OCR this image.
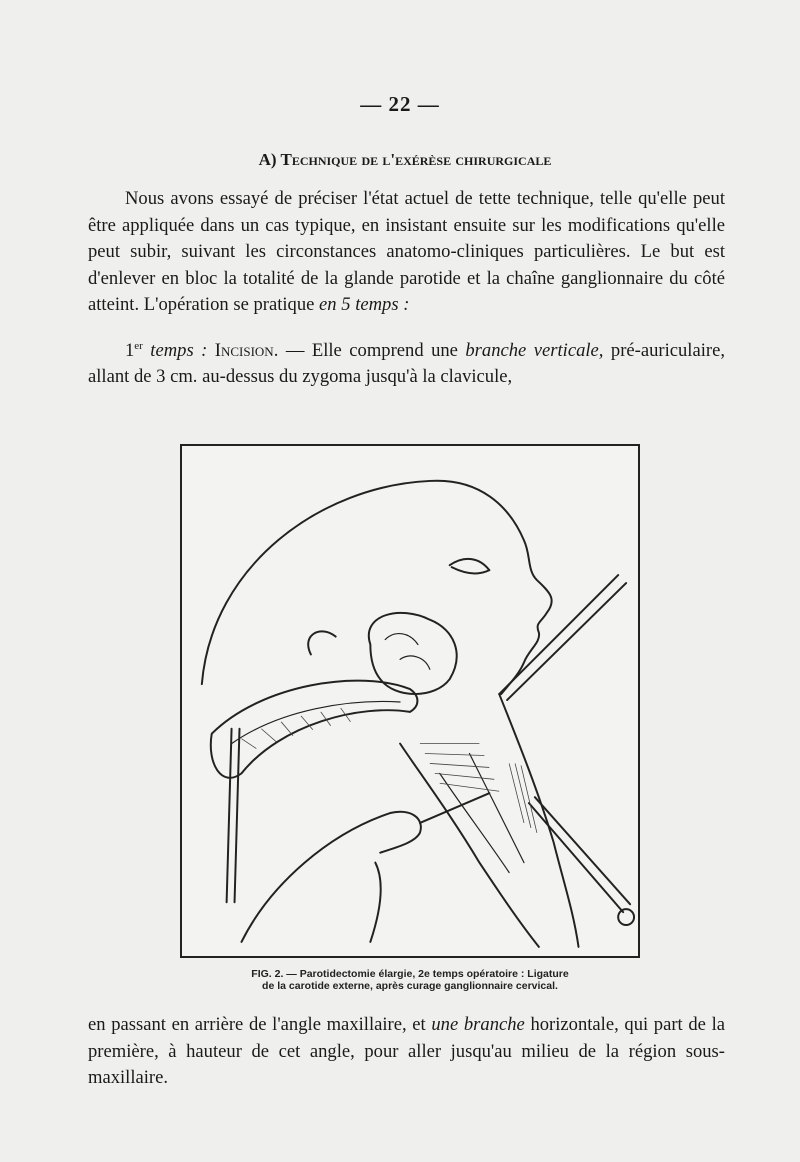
— 22 —
A) Technique de l'exérèse chirurgicale

Nous avons essayé de préciser l'état actuel de tette technique, telle qu'elle peut être appliquée dans un cas typique, en insistant ensuite sur les modifications qu'elle peut subir, suivant les circonstances anatomo-cliniques particulières. Le but est d'enlever en bloc la totalité de la glande parotide et la chaîne ganglionnaire du côté atteint. L'opération se pratique en 5 temps :

1er temps : Incision. — Elle comprend une branche verticale, pré-auriculaire, allant de 3 cm. au-dessus du zygoma jusqu'à la clavicule,

FIG. 2. — Parotidectomie élargie, 2e temps opératoire : Ligature
de la carotide externe, après curage ganglionnaire cervical.

en passant en arrière de l'angle maxillaire, et une branche horizontale, qui part de la première, à hauteur de cet angle, pour aller jusqu'au milieu de la région sous-maxillaire.
